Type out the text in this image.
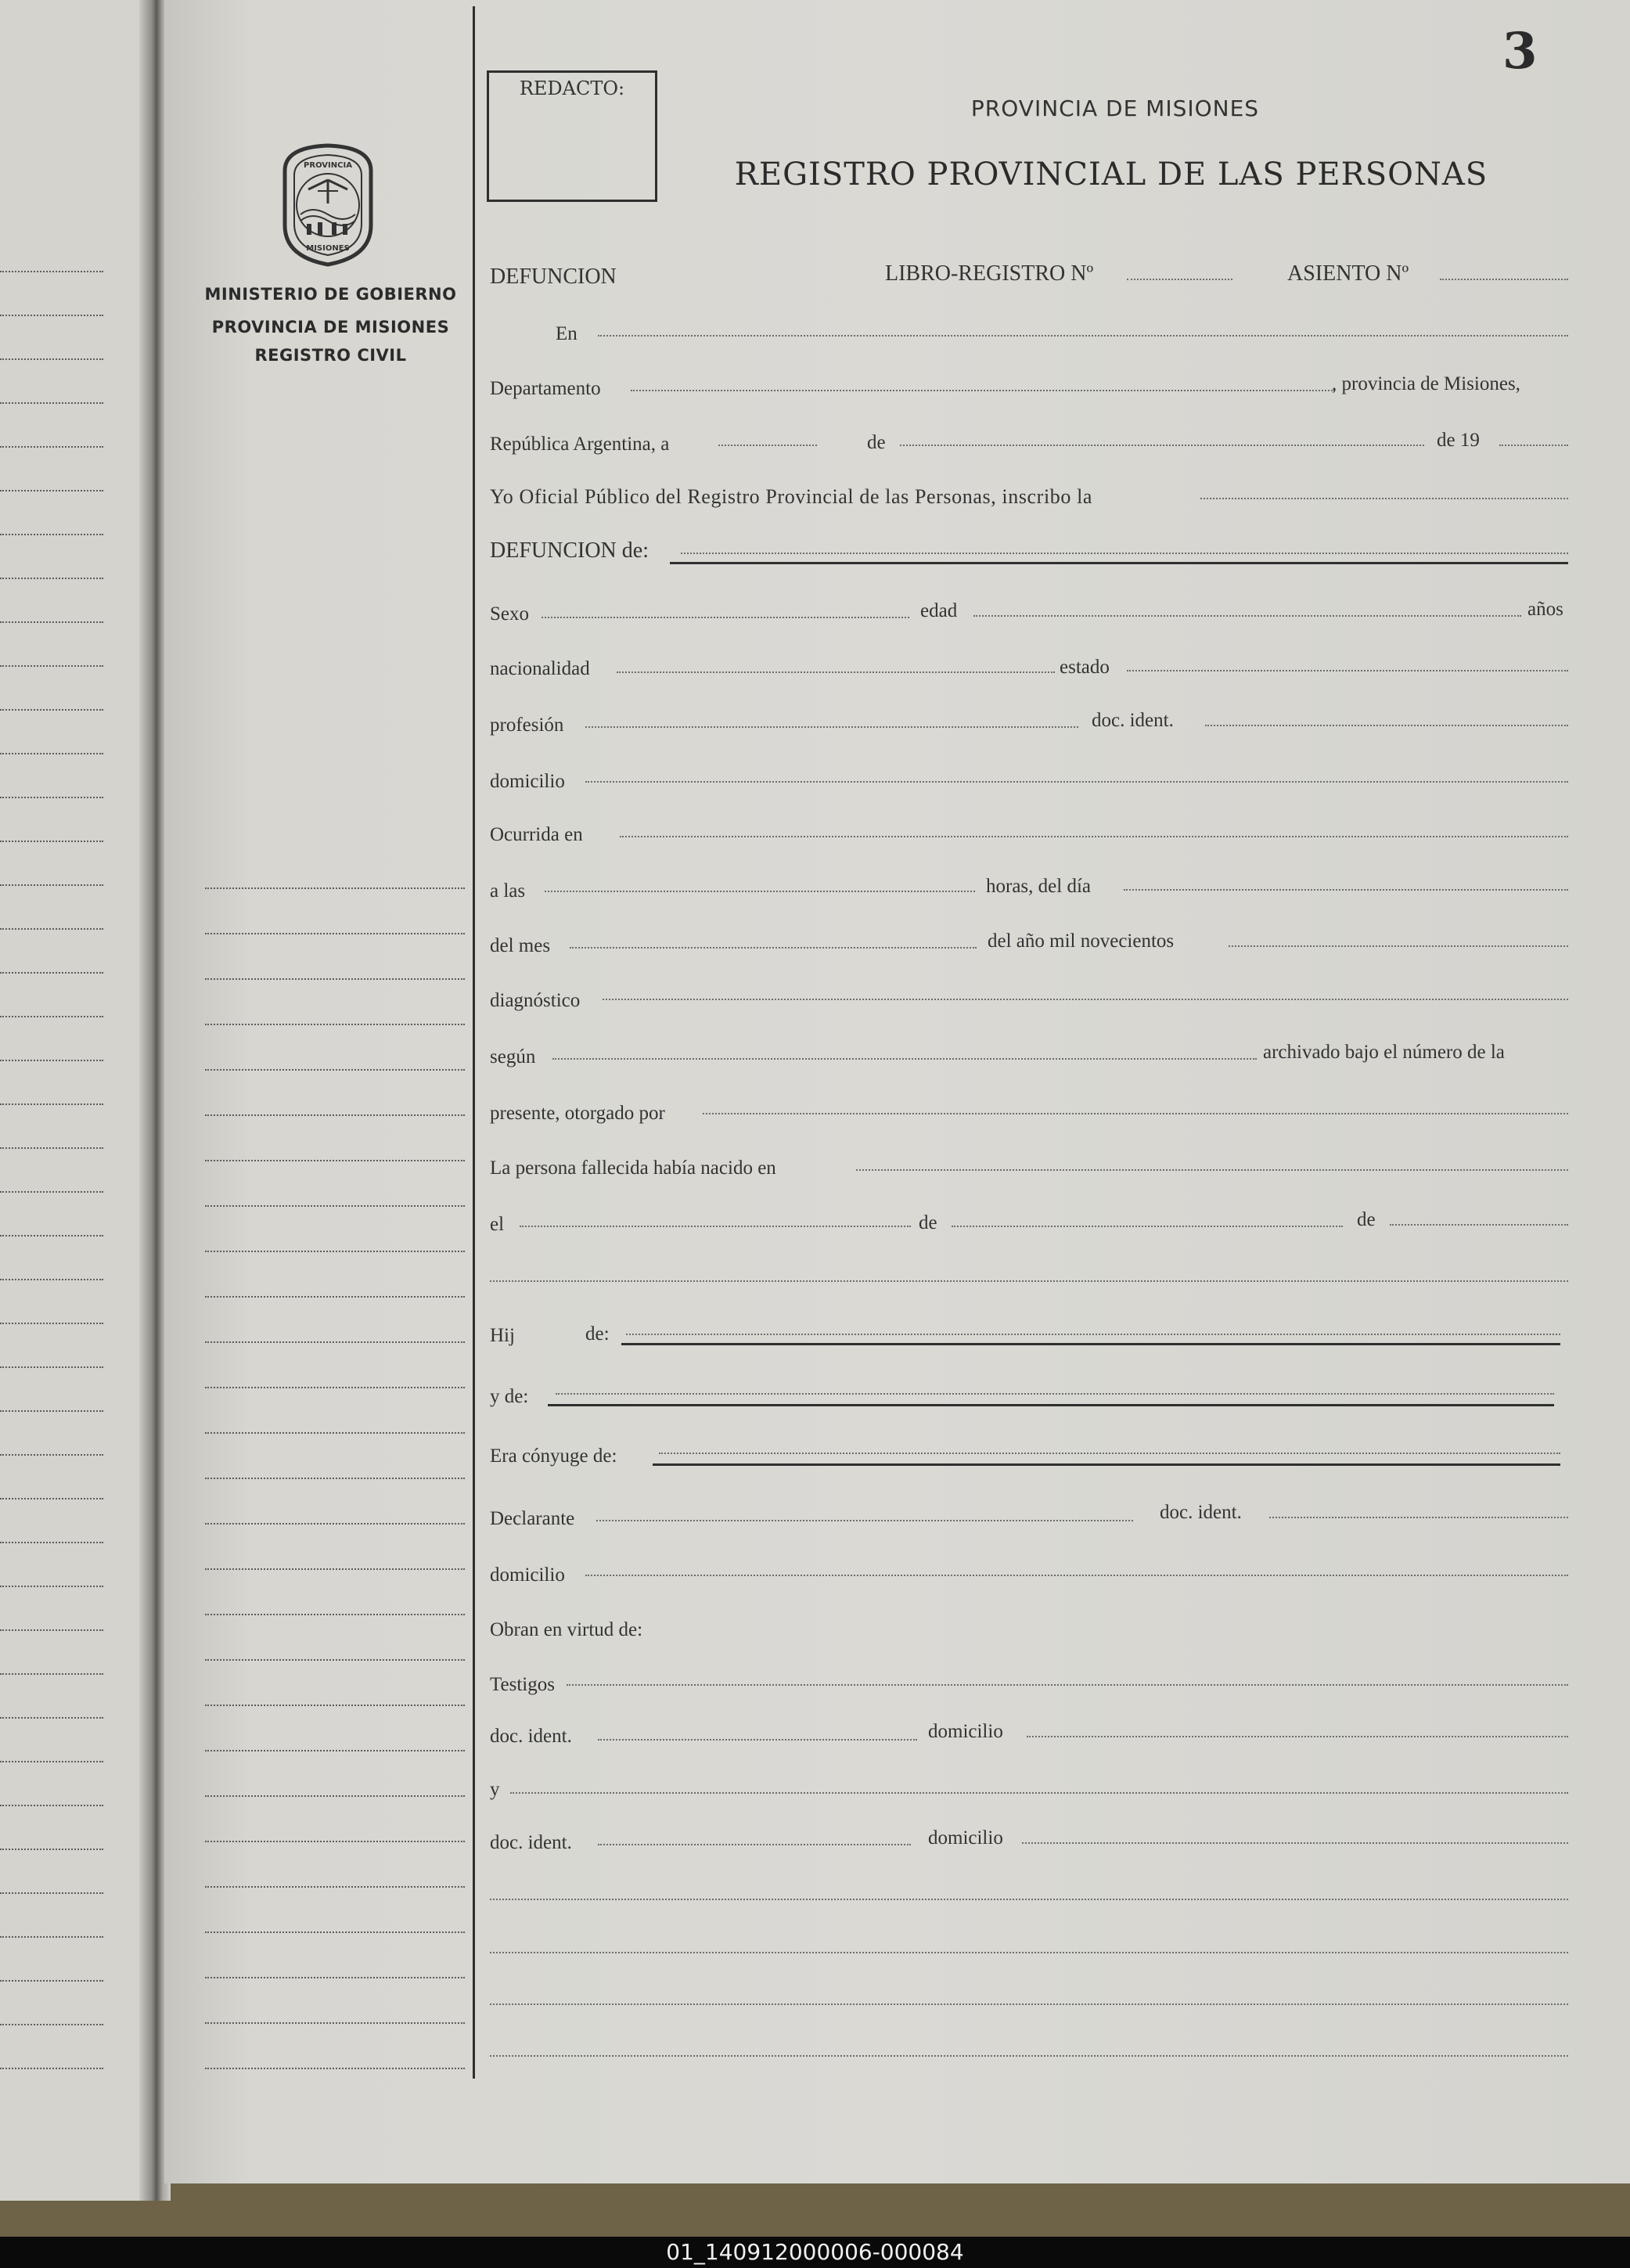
PROVINCIA
MISIONES
MINISTERIO DE GOBIERNO
PROVINCIA DE MISIONES
REGISTRO CIVIL
REDACTO:
3
PROVINCIA DE MISIONES
REGISTRO PROVINCIAL DE LAS PERSONAS
DEFUNCION	LIBRO-REGISTRO Nº	ASIENTO Nº
En
Departamento	, provincia de Misiones,
República Argentina, a	de	de 19
Yo Oficial Público del Registro Provincial de las Personas, inscribo la
DEFUNCION de:
Sexo	edad	años
nacionalidad	estado
profesión	doc. ident.
domicilio
Ocurrida en
a las	horas, del día
del mes	del año mil novecientos
diagnóstico
según	archivado bajo el número de la
presente, otorgado por
La persona fallecida había nacido en
el	de	de
Hij	de:
y de:
Era cónyuge de:
Declarante	doc. ident.
domicilio
Obran en virtud de:
Testigos
doc. ident.	domicilio
y
doc. ident.	domicilio
01_140912000006-000084
